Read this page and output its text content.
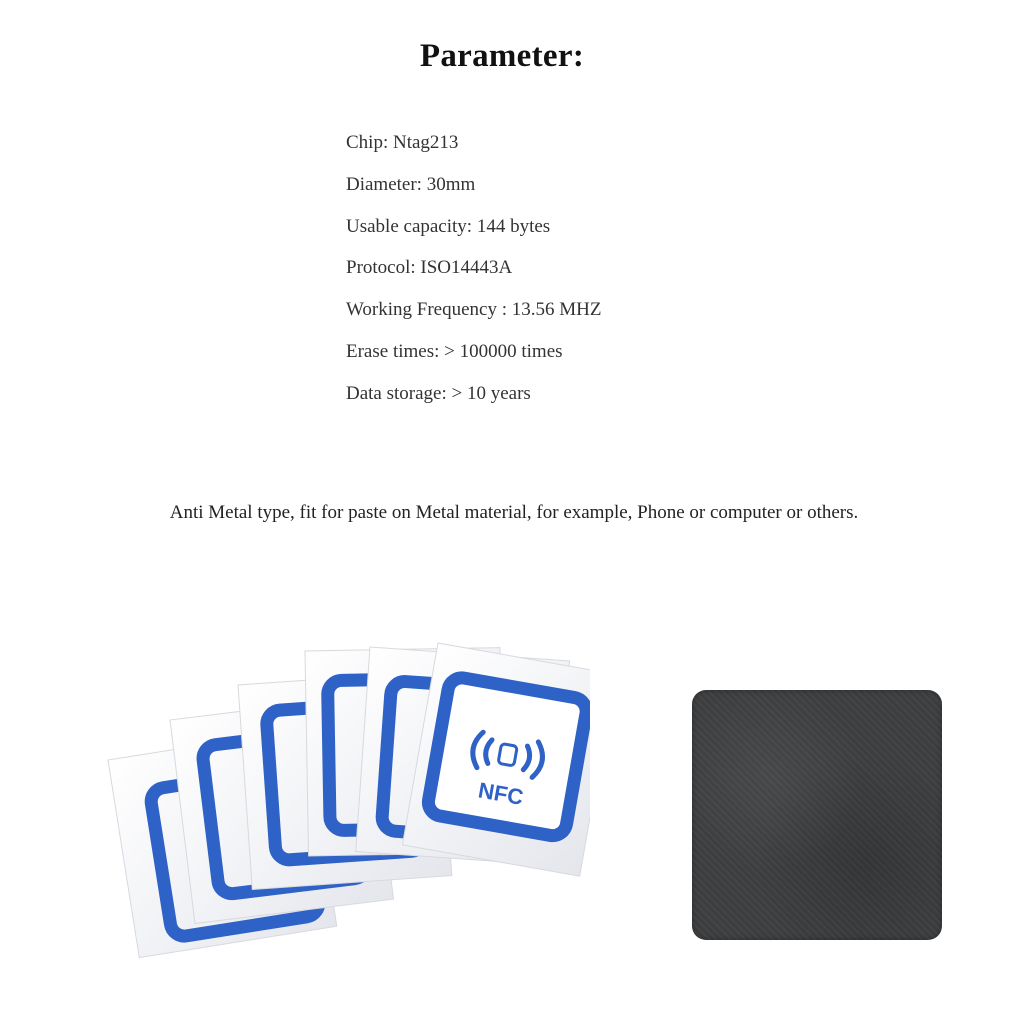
Parameter:
Chip: Ntag213
Diameter: 30mm
Usable capacity: 144 bytes
Protocol: ISO14443A
Working Frequency : 13.56 MHZ
Erase times: > 100000 times
Data storage: > 10 years

Anti Metal type, fit for paste on Metal material, for example, Phone or computer or others.

NFC
